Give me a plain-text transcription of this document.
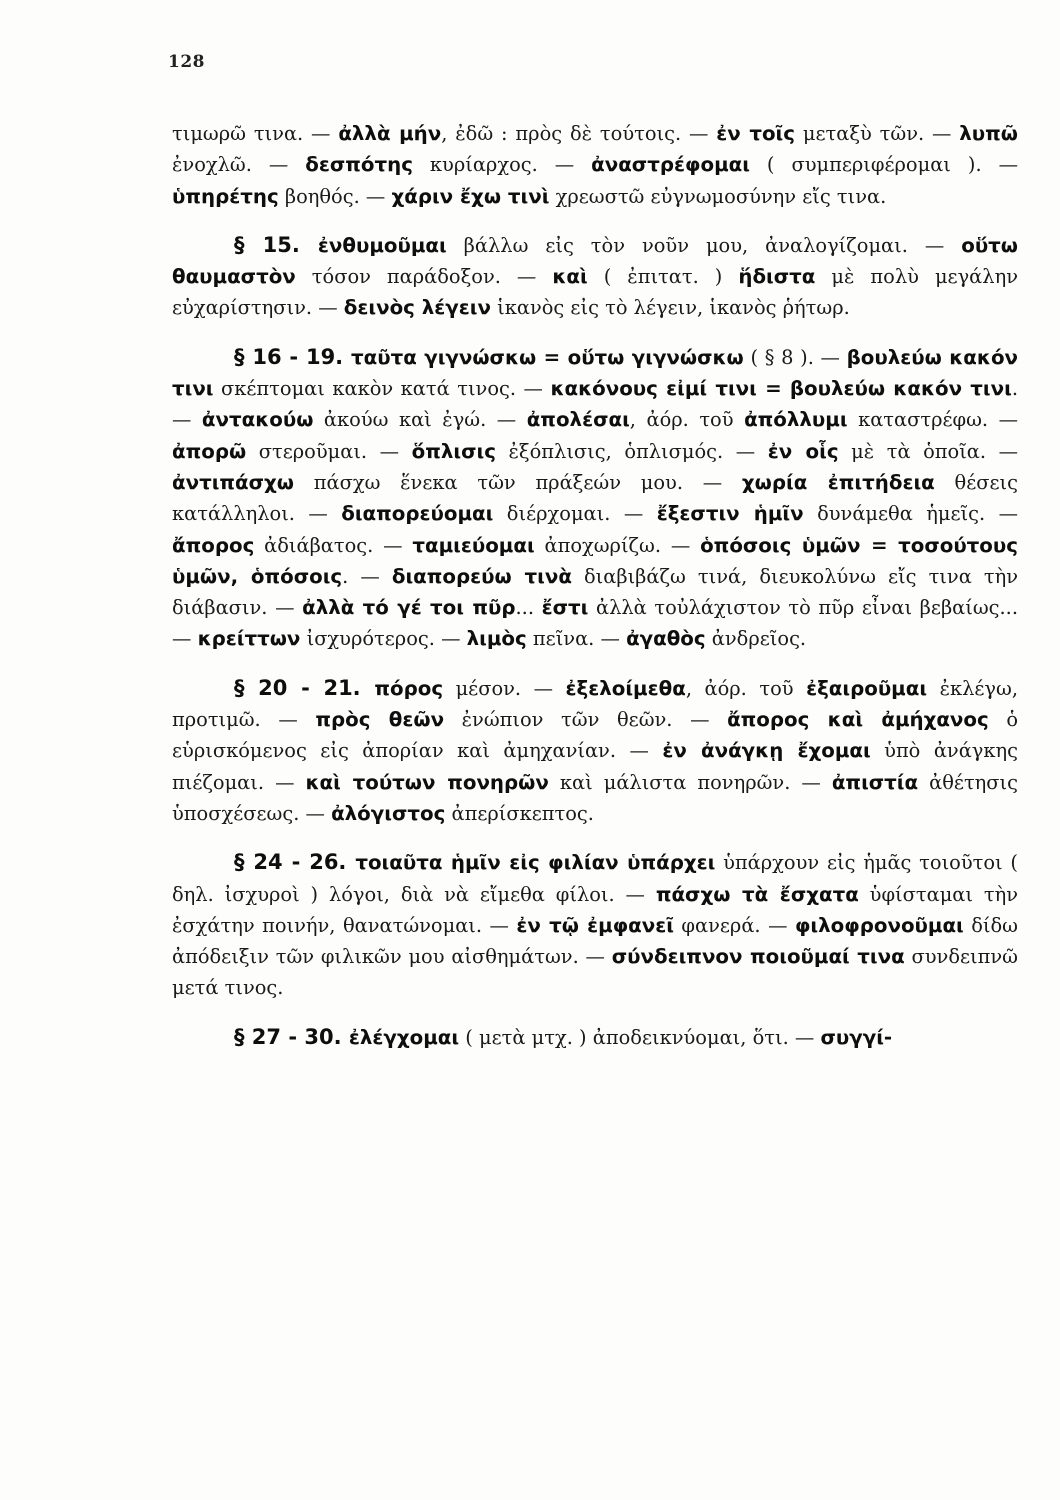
128

τιμωρῶ τινα. — ἀλλὰ μήν, ἐδῶ : πρὸς δὲ τούτοις. — ἐν τοῖς μεταξὺ τῶν. — λυπῶ ἐνοχλῶ. — δεσπότης κυρίαρχος. — ἀναστρέφομαι ( συμπεριφέρομαι ). — ὑπηρέτης βοηθός. — χάριν ἔχω τινὶ χρεωστῶ εὐγνωμοσύνην εἴς τινα.

§ 15. ἐνθυμοῦμαι βάλλω εἰς τὸν νοῦν μου, ἀναλογίζομαι. — οὕτω θαυμαστὸν τόσον παράδοξον. — καὶ ( ἐπιτατ. ) ἥδιστα μὲ πολὺ μεγάλην εὐχαρίστησιν. — δεινὸς λέγειν ἱκανὸς εἰς τὸ λέγειν, ἱκανὸς ῥήτωρ.

§ 16 - 19. ταῦτα γιγνώσκω = οὕτω γιγνώσκω ( § 8 ). — βουλεύω κακόν τινι σκέπτομαι κακὸν κατά τινος. — κακόνους εἰμί τινι = βουλεύω κακόν τινι. — ἀντακούω ἀκούω καὶ ἐγώ. — ἀπολέσαι, ἀόρ. τοῦ ἀπόλλυμι καταστρέφω. — ἀπορῶ στεροῦμαι. — ὅπλισις ἐξόπλισις, ὁπλισμός. — ἐν οἷς μὲ τὰ ὁποῖα. — ἀντιπάσχω πάσχω ἕνεκα τῶν πράξεών μου. — χωρία ἐπιτήδεια θέσεις κατάλληλοι. — διαπορεύομαι διέρχομαι. — ἔξεστιν ἡμῖν δυνάμεθα ἡμεῖς. — ἄπορος ἀδιάβατος. — ταμιεύομαι ἀποχωρίζω. — ὁπόσοις ὑμῶν = τοσούτους ὑμῶν, ὁπόσοις. — διαπορεύω τινὰ διαβιβάζω τινά, διευκολύνω εἴς τινα τὴν διάβασιν. — ἀλλὰ τό γέ τοι πῦρ... ἔστι ἀλλὰ τοὐλάχιστον τὸ πῦρ εἶναι βεβαίως... — κρείττων ἰσχυρότερος. — λιμὸς πεῖνα. — ἀγαθὸς ἀνδρεῖος.

§ 20 - 21. πόρος μέσον. — ἐξελοίμεθα, ἀόρ. τοῦ ἐξαιροῦμαι ἐκλέγω, προτιμῶ. — πρὸς θεῶν ἐνώπιον τῶν θεῶν. — ἄπορος καὶ ἀμήχανος ὁ εὑρισκόμενος εἰς ἀπορίαν καὶ ἀμηχανίαν. — ἐν ἀνάγκῃ ἔχομαι ὑπὸ ἀνάγκης πιέζομαι. — καὶ τούτων πονηρῶν καὶ μάλιστα πονηρῶν. — ἀπιστία ἀθέτησις ὑποσχέσεως. — ἀλόγιστος ἀπερίσκεπτος.

§ 24 - 26. τοιαῦτα ἡμῖν εἰς φιλίαν ὑπάρχει ὑπάρχουν εἰς ἡμᾶς τοιοῦτοι ( δηλ. ἰσχυροὶ ) λόγοι, διὰ νὰ εἴμεθα φίλοι. — πάσχω τὰ ἔσχατα ὑφίσταμαι τὴν ἐσχάτην ποινήν, θανατώνομαι. — ἐν τῷ ἐμφανεῖ φανερά. — φιλοφρονοῦμαι δίδω ἀπόδειξιν τῶν φιλικῶν μου αἰσθημάτων. — σύνδειπνον ποιοῦμαί τινα συνδειπνῶ μετά τινος.

§ 27 - 30. ἐλέγχομαι ( μετὰ μτχ. ) ἀποδεικνύομαι, ὅτι. — συγγί-
